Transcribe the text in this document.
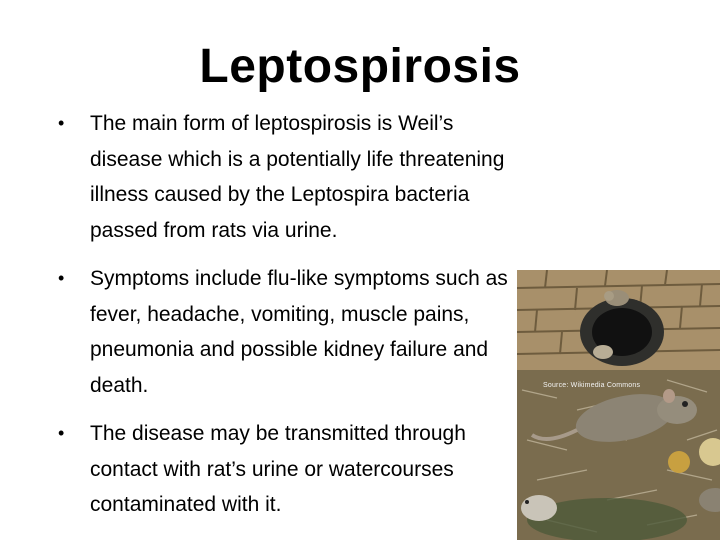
Leptospirosis
• The main form of leptospirosis is Weil’s disease which is a potentially life threatening illness caused by the Leptospira bacteria passed from rats via urine.
• Symptoms include flu-like symptoms such as fever, headache, vomiting, muscle pains, pneumonia and possible kidney failure and death.
• The disease may be transmitted through contact with rat’s urine or watercourses contaminated with it.
Source: Wikimedia Commons
